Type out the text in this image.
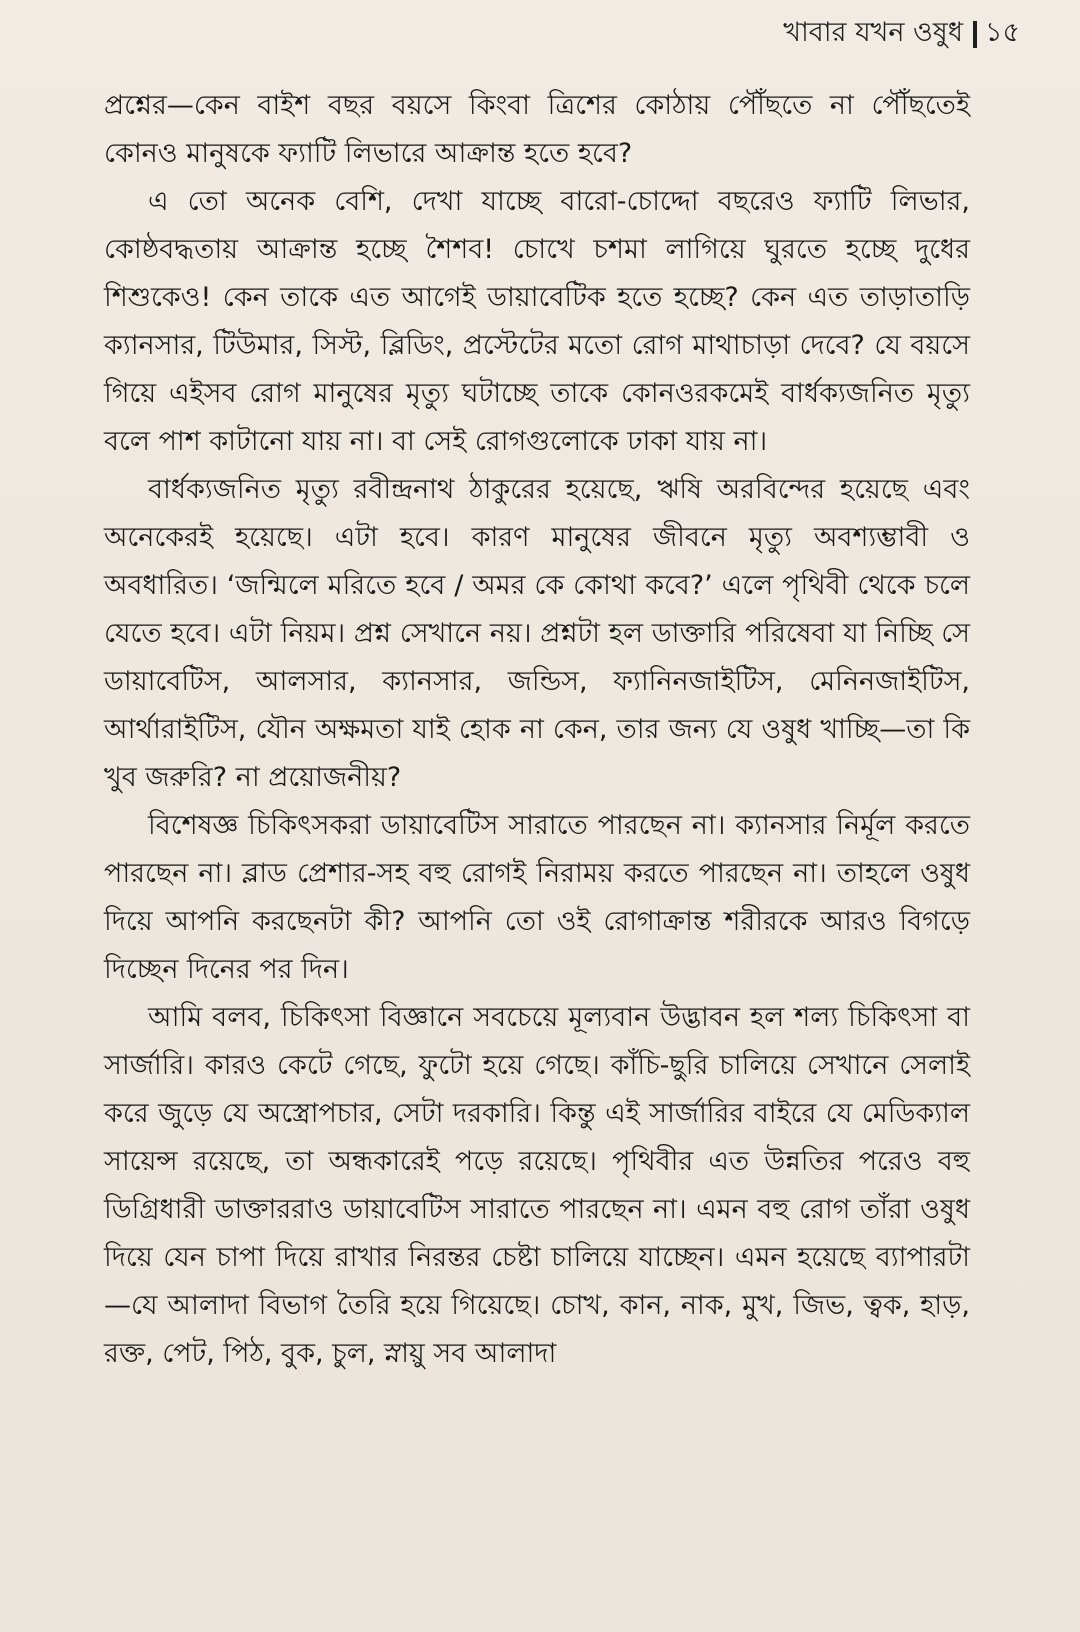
খাবার যখন ওষুধ ১৫

প্রশ্নের—কেন বাইশ বছর বয়সে কিংবা ত্রিশের কোঠায় পৌঁছতে না পৌঁছতেই কোনও মানুষকে ফ্যাটি লিভারে আক্রান্ত হতে হবে?

এ তো অনেক বেশি, দেখা যাচ্ছে বারো-চোদ্দো বছরেও ফ্যাটি লিভার, কোষ্ঠবদ্ধতায় আক্রান্ত হচ্ছে শৈশব! চোখে চশমা লাগিয়ে ঘুরতে হচ্ছে দুধের শিশুকেও! কেন তাকে এত আগেই ডায়াবেটিক হতে হচ্ছে? কেন এত তাড়াতাড়ি ক্যানসার, টিউমার, সিস্ট, ব্লিডিং, প্রস্টেটের মতো রোগ মাথাচাড়া দেবে? যে বয়সে গিয়ে এইসব রোগ মানুষের মৃত্যু ঘটাচ্ছে তাকে কোনওরকমেই বার্ধক্যজনিত মৃত্যু বলে পাশ কাটানো যায় না। বা সেই রোগগুলোকে ঢাকা যায় না।

বার্ধক্যজনিত মৃত্যু রবীন্দ্রনাথ ঠাকুরের হয়েছে, ঋষি অরবিন্দের হয়েছে এবং অনেকেরই হয়েছে। এটা হবে। কারণ মানুষের জীবনে মৃত্যু অবশ্যম্ভাবী ও অবধারিত। ‘জন্মিলে মরিতে হবে / অমর কে কোথা কবে?’ এলে পৃথিবী থেকে চলে যেতে হবে। এটা নিয়ম। প্রশ্ন সেখানে নয়। প্রশ্নটা হল ডাক্তারি পরিষেবা যা নিচ্ছি সে ডায়াবেটিস, আলসার, ক্যানসার, জন্ডিস, ফ্যানিনজাইটিস, মেনিনজাইটিস, আর্থারাইটিস, যৌন অক্ষমতা যাই হোক না কেন, তার জন্য যে ওষুধ খাচ্ছি—তা কি খুব জরুরি? না প্রয়োজনীয়?

বিশেষজ্ঞ চিকিৎসকরা ডায়াবেটিস সারাতে পারছেন না। ক্যানসার নির্মূল করতে পারছেন না। ব্লাড প্রেশার-সহ বহু রোগই নিরাময় করতে পারছেন না। তাহলে ওষুধ দিয়ে আপনি করছেনটা কী? আপনি তো ওই রোগাক্রান্ত শরীরকে আরও বিগড়ে দিচ্ছেন দিনের পর দিন।

আমি বলব, চিকিৎসা বিজ্ঞানে সবচেয়ে মূল্যবান উদ্ভাবন হল শল্য চিকিৎসা বা সার্জারি। কারও কেটে গেছে, ফুটো হয়ে গেছে। কাঁচি-ছুরি চালিয়ে সেখানে সেলাই করে জুড়ে যে অস্ত্রোপচার, সেটা দরকারি। কিন্তু এই সার্জারির বাইরে যে মেডিক্যাল সায়েন্স রয়েছে, তা অন্ধকারেই পড়ে রয়েছে। পৃথিবীর এত উন্নতির পরেও বহু ডিগ্রিধারী ডাক্তাররাও ডায়াবেটিস সারাতে পারছেন না। এমন বহু রোগ তাঁরা ওষুধ দিয়ে যেন চাপা দিয়ে রাখার নিরন্তর চেষ্টা চালিয়ে যাচ্ছেন। এমন হয়েছে ব্যাপারটা—যে আলাদা বিভাগ তৈরি হয়ে গিয়েছে। চোখ, কান, নাক, মুখ, জিভ, ত্বক, হাড়, রক্ত, পেট, পিঠ, বুক, চুল, স্নায়ু সব আলাদা
